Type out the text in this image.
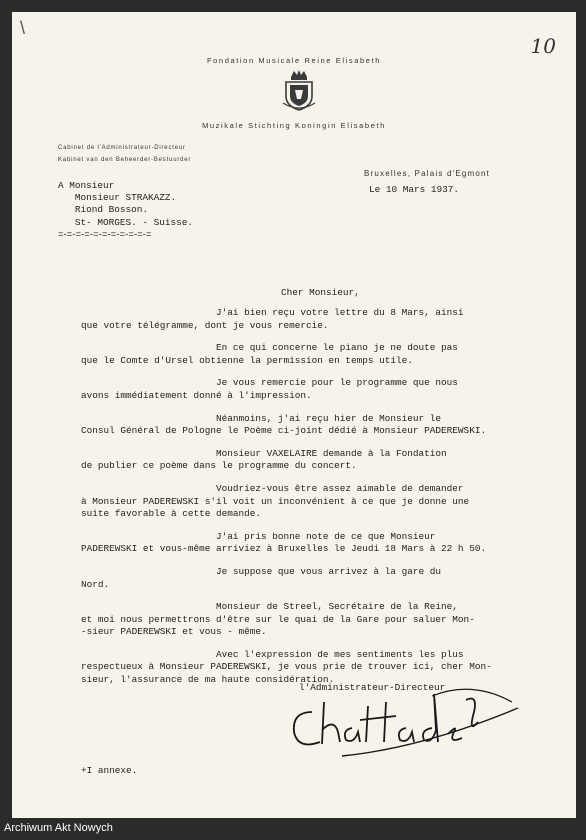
\
10
Fondation Musicale Reine Elisabeth
Muzikale Stichting Koningin Elisabeth
Cabinet de l'Administrateur-Directeur
Kabinet van den Beheerder-Bestuurder
Bruxelles, Palais d'Egmont
A Monsieur
Monsieur STRAKAZZ.
Riond Bosson.
St- MORGES. - Suisse.
=-=-=-=-=-=-=-=-=-=-=
Le 10 Mars 1937.
Cher Monsieur,

J'ai bien reçu votre lettre du 8 Mars, ainsi
que votre télégramme, dont je vous remercie.

En ce qui concerne le piano je ne doute pas
que le Comte d'Ursel obtienne la permission en temps utile.

Je vous remercie pour le programme que nous
avons immédiatement donné à l'impression.

Néanmoins, j'ai reçu hier de Monsieur le
Consul Général de Pologne le Poème ci-joint dédié à Monsieur PADEREWSKI.

Monsieur VAXELAIRE demande à la Fondation
de publier ce poème dans le programme du concert.

Voudriez-vous être assez aimable de demander
à Monsieur PADEREWSKI s'il voit un inconvénient à ce que je donne une
suite favorable à cette demande.

J'ai pris bonne note de ce que Monsieur
PADEREWSKI et vous-même arriviez à Bruxelles le Jeudi 18 Mars à 22 h 50.

Je suppose que vous arrivez à la gare du
Nord.

Monsieur de Streel, Secrétaire de la Reine,
et moi nous permettrons d'être sur le quai de la Gare pour saluer Mon-
-sieur PADEREWSKI et vous - même.

Avec l'expression de mes sentiments les plus
respectueux à Monsieur PADEREWSKI, je vous prie de trouver ici, cher Mon-
sieur, l'assurance de ma haute considération.

l'Administrateur-Directeur
+I annexe.
Archiwum Akt Nowych
